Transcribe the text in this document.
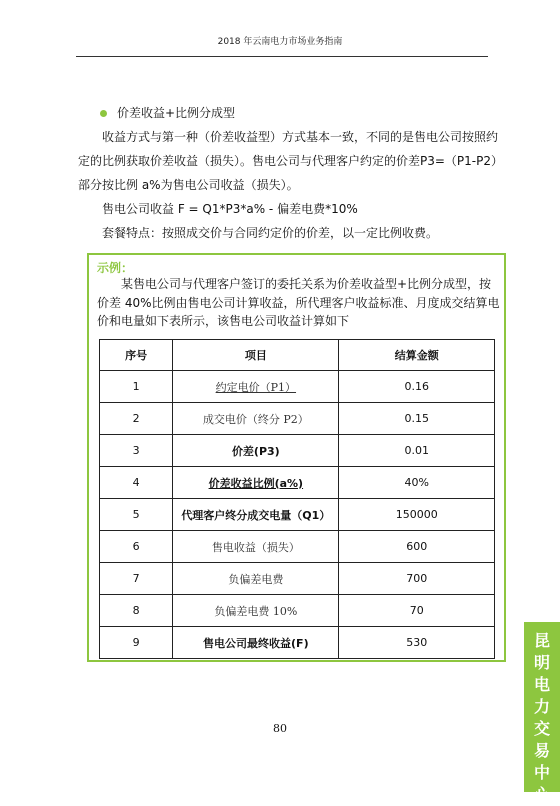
2018 年云南电力市场业务指南
价差收益+比例分成型

收益方式与第一种（价差收益型）方式基本一致，不同的是售电公司按照约定的比例获取价差收益（损失）。售电公司与代理客户约定的价差P3=（P1-P2）部分按比例 a%为售电公司收益（损失）。

售电公司收益 F = Q1*P3*a% - 偏差电费*10%

套餐特点：按照成交价与合同约定价的价差，以一定比例收费。

示例：

某售电公司与代理客户签订的委托关系为价差收益型+比例分成型，按价差 40%比例由售电公司计算收益，所代理客户收益标准、月度成交结算电价和电量如下表所示，该售电公司收益计算如下

序号	项目	结算金额
1	约定电价（P1）	0.16
2	成交电价（终分 P2）	0.15
3	价差(P3)	0.01
4	价差收益比例(a%)	40%
5	代理客户终分成交电量（Q1）	150000
6	售电收益（损失）	600
7	负偏差电费	700
8	负偏差电费 10%	70
9	售电公司最终收益(F)	530
80
昆
明
电
力
交
易
中
心
